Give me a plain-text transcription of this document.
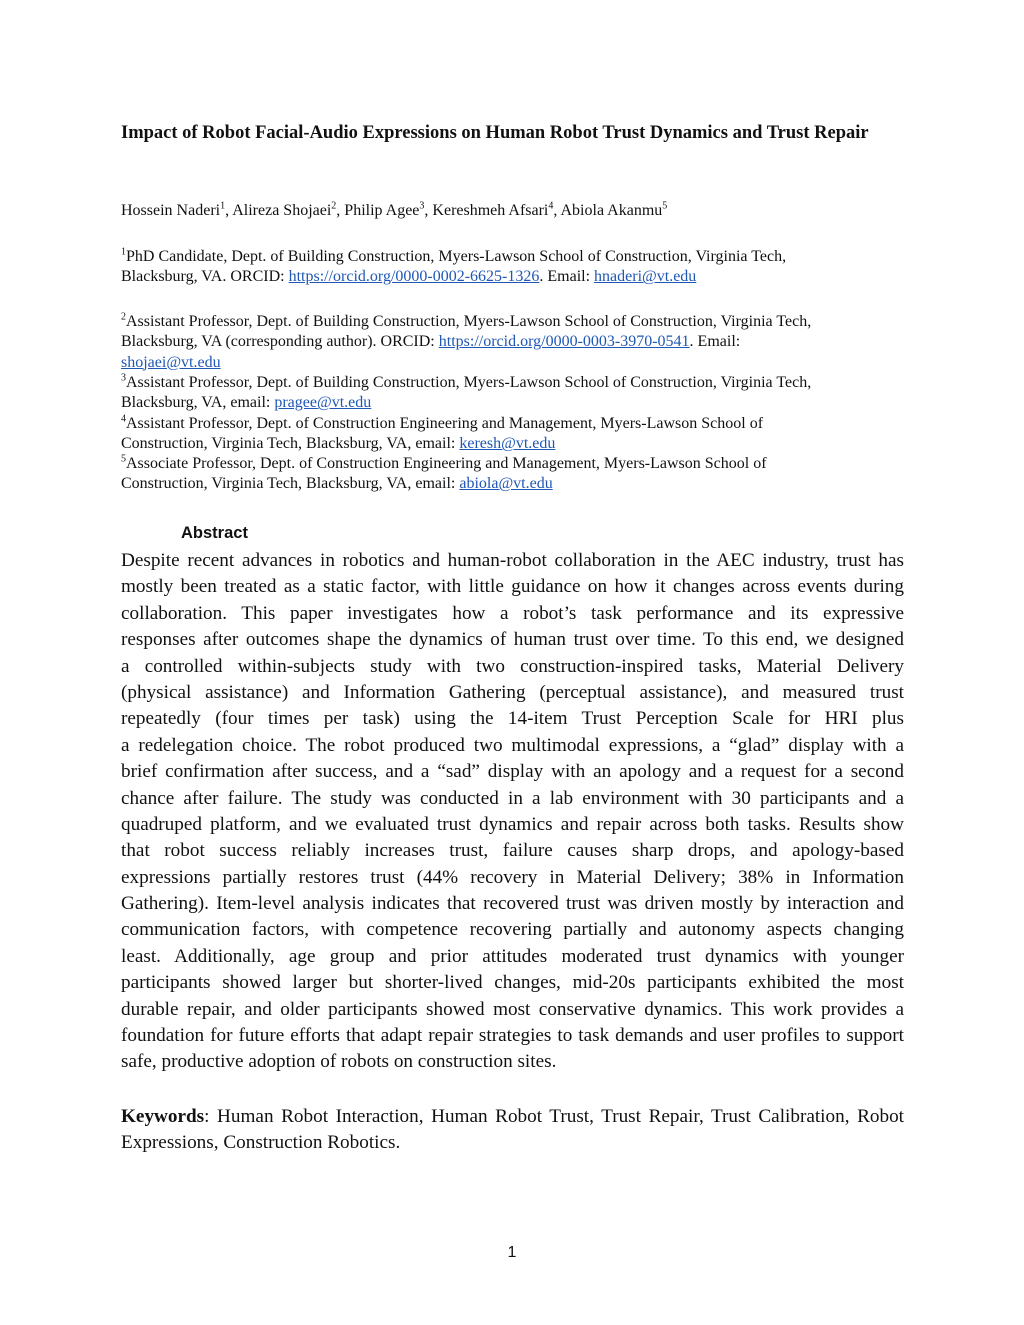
Impact of Robot Facial-Audio Expressions on Human Robot Trust Dynamics and Trust Repair
Hossein Naderi$^1$, Alireza Shojaei$^2$, Philip Agee$^3$, Kereshmeh Afsari$^4$, Abiola Akanmu$^5$
$^1$PhD Candidate, Dept. of Building Construction, Myers-Lawson School of Construction, Virginia Tech,
Blacksburg, VA. ORCID: https://orcid.org/0000-0002-6625-1326. Email: hnaderi@vt.edu
$^2$Assistant Professor, Dept. of Building Construction, Myers-Lawson School of Construction, Virginia Tech,
Blacksburg, VA (corresponding author). ORCID: https://orcid.org/0000-0003-3970-0541. Email:
shojaei@vt.edu
$^3$Assistant Professor, Dept. of Building Construction, Myers-Lawson School of Construction, Virginia Tech,
Blacksburg, VA, email: pragee@vt.edu
$^4$Assistant Professor, Dept. of Construction Engineering and Management, Myers-Lawson School of
Construction, Virginia Tech, Blacksburg, VA, email: keresh@vt.edu
$^5$Associate Professor, Dept. of Construction Engineering and Management, Myers-Lawson School of
Construction, Virginia Tech, Blacksburg, VA, email: abiola@vt.edu
Abstract
Despite recent advances in robotics and human-robot collaboration in the AEC industry, trust has
mostly been treated as a static factor, with little guidance on how it changes across events during
collaboration. This paper investigates how a robot’s task performance and its expressive
responses after outcomes shape the dynamics of human trust over time. To this end, we designed
a controlled within-subjects study with two construction-inspired tasks, Material Delivery
(physical assistance) and Information Gathering (perceptual assistance), and measured trust
repeatedly (four times per task) using the 14-item Trust Perception Scale for HRI plus
a redelegation choice. The robot produced two multimodal expressions, a “glad” display with a
brief confirmation after success, and a “sad” display with an apology and a request for a second
chance after failure. The study was conducted in a lab environment with 30 participants and a
quadruped platform, and we evaluated trust dynamics and repair across both tasks. Results show
that robot success reliably increases trust, failure causes sharp drops, and apology-based
expressions partially restores trust (44% recovery in Material Delivery; 38% in Information
Gathering). Item-level analysis indicates that recovered trust was driven mostly by interaction and
communication factors, with competence recovering partially and autonomy aspects changing
least. Additionally, age group and prior attitudes moderated trust dynamics with younger
participants showed larger but shorter-lived changes, mid-20s participants exhibited the most
durable repair, and older participants showed most conservative dynamics. This work provides a
foundation for future efforts that adapt repair strategies to task demands and user profiles to support
safe, productive adoption of robots on construction sites.
Keywords: Human Robot Interaction, Human Robot Trust, Trust Repair, Trust Calibration, Robot
Expressions, Construction Robotics.
1
